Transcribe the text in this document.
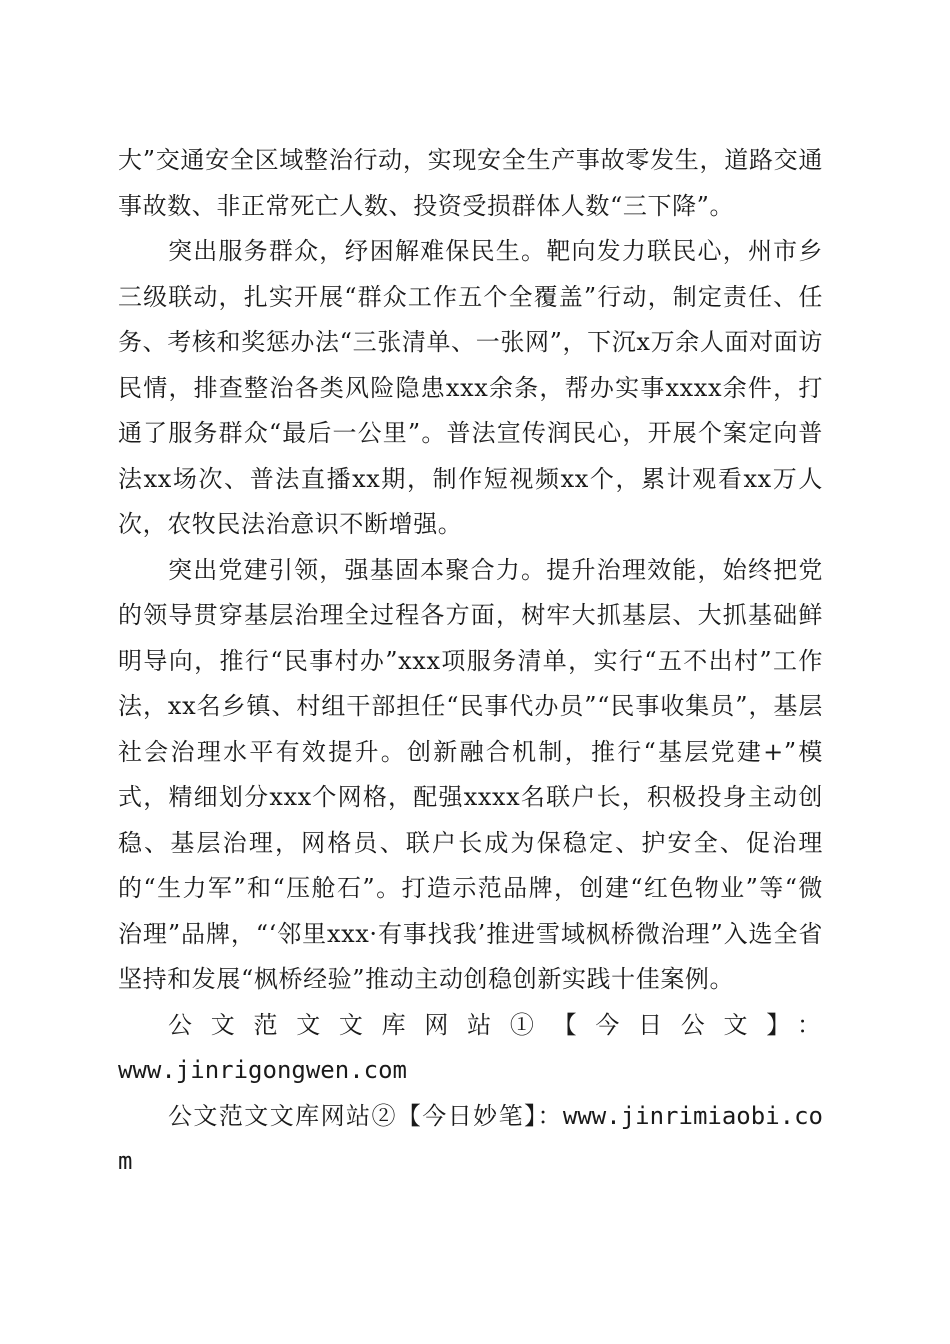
大”交通安全区域整治行动，实现安全生产事故零发生，道路交通事故数、非正常死亡人数、投资受损群体人数“三下降”。

突出服务群众，纾困解难保民生。靶向发力联民心，州市乡三级联动，扎实开展“群众工作五个全覆盖”行动，制定责任、任务、考核和奖惩办法“三张清单、一张网”，下沉x万余人面对面访民情，排查整治各类风险隐患xxx余条，帮办实事xxxx余件，打通了服务群众“最后一公里”。普法宣传润民心，开展个案定向普法xx场次、普法直播xx期，制作短视频xx个，累计观看xx万人次，农牧民法治意识不断增强。

突出党建引领，强基固本聚合力。提升治理效能，始终把党的领导贯穿基层治理全过程各方面，树牢大抓基层、大抓基础鲜明导向，推行“民事村办”xxx项服务清单，实行“五不出村”工作法，xx名乡镇、村组干部担任“民事代办员”“民事收集员”，基层社会治理水平有效提升。创新融合机制，推行“基层党建+”模式，精细划分xxx个网格，配强xxxx名联户长，积极投身主动创稳、基层治理，网格员、联户长成为保稳定、护安全、促治理的“生力军”和“压舱石”。打造示范品牌，创建“红色物业”等“微治理”品牌，“‘邻里xxx·有事找我’推进雪域枫桥微治理”入选全省坚持和发展“枫桥经验”推动主动创稳创新实践十佳案例。

公文范文文库网站①【今日公文】：

www.jinrigongwen.com

公文范文文库网站②【今日妙笔】：www.jinrimiaobi.com
